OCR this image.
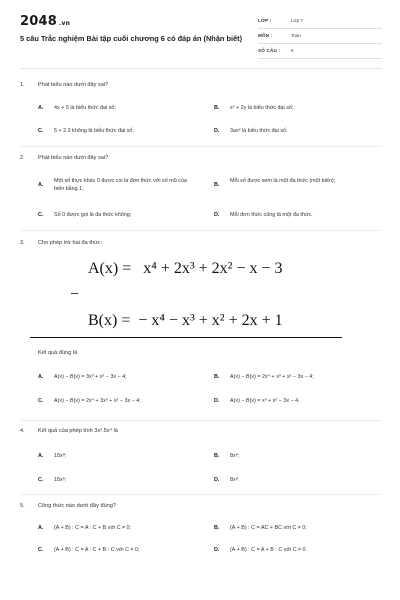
2048 .vn
5 câu Trắc nghiệm Bài tập cuối chương 6 có đáp án (Nhận biết)
LỚP :	Lớp 7
MÔN :	Toán
SỐ CÂU : 5
1. Phát biểu nào dưới đây sai?
A. 4x + 5 là biểu thức đại số;	B. x² + 2y là biểu thức đại số;
C. 5 + 2.3 không là biểu thức đại số;	D. 3ax² là biểu thức đại số.
2. Phát biểu nào dưới đây sai?
A.
Một số thực khác 0 được coi là đơn thức với số mũ của biến bằng 1;
B.
Mỗi số được xem là một đa thức (một biến);
C. Số 0 được gọi là đa thức không;	D. Mỗi đơn thức cũng là một đa thức.
3. Cho phép trừ hai đa thức:
A(x) = x⁴ + 2x³ + 2x² − x − 3
−
B(x) = − x⁴ − x³ + x² + 2x + 1
Kết quả đúng là
A. A(x) − B(x) = 3x³ + x² − 3x − 4;	B. A(x) − B(x) = 2x⁴ + x³ + x² − 3x − 4;
C. A(x) − B(x) = 2x⁴ + 3x³ + x² − 3x − 4;	D. A(x) − B(x) = x³ + x² − 3x − 4.
4. Kết quả của phép tính 3x².5x⁴ là
A. 15x⁸;	B. 8x⁶;
C. 15x⁶;	D. 8x⁸.
5. Công thức nào dưới đây đúng?
A. (A + B) : C = A : C + B với C ≠ 0;	B. (A + B) : C = AC + BC với C ≠ 0;
C. (A + B) : C = A : C + B : C với C ≠ 0;	D. (A + B) : C = A + B : C với C ≠ 0.
